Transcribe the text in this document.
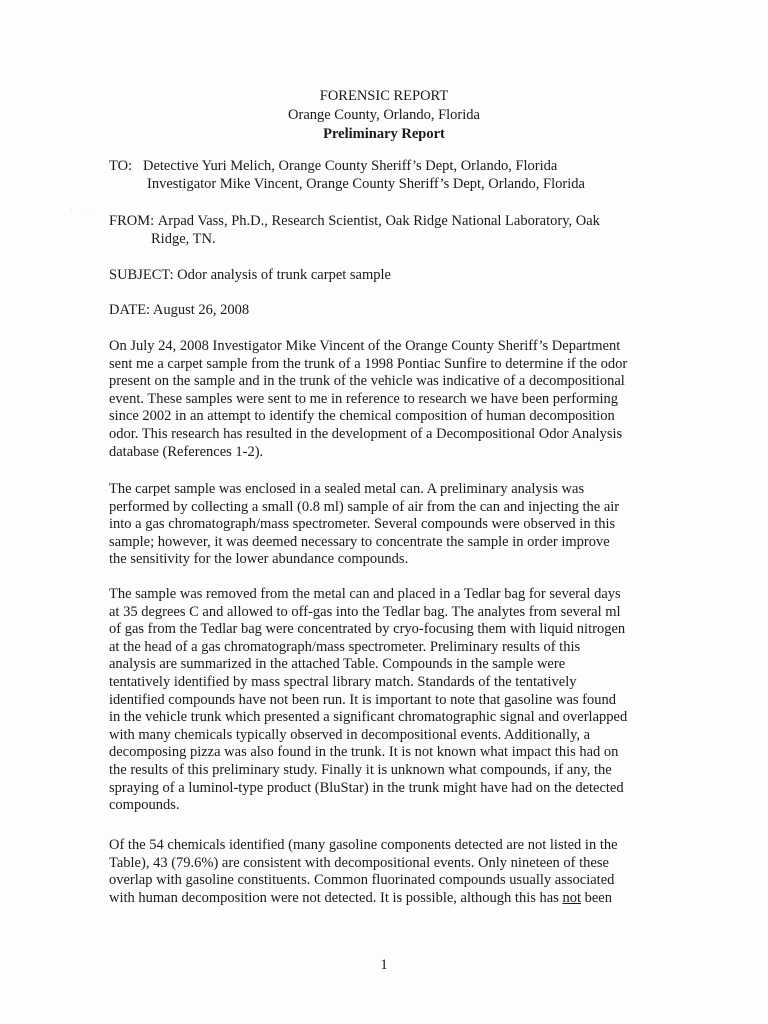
˙ ˙ ˙
FORENSIC REPORT
Orange County, Orlando, Florida
Preliminary Report
TO: Detective Yuri Melich, Orange County Sheriff’s Dept, Orlando, Florida
Investigator Mike Vincent, Orange County Sheriff’s Dept, Orlando, Florida
FROM: Arpad Vass, Ph.D., Research Scientist, Oak Ridge National Laboratory, Oak
Ridge, TN.
SUBJECT: Odor analysis of trunk carpet sample
DATE: August 26, 2008
On July 24, 2008 Investigator Mike Vincent of the Orange County Sheriff’s Department
sent me a carpet sample from the trunk of a 1998 Pontiac Sunfire to determine if the odor
present on the sample and in the trunk of the vehicle was indicative of a decompositional
event. These samples were sent to me in reference to research we have been performing
since 2002 in an attempt to identify the chemical composition of human decomposition
odor. This research has resulted in the development of a Decompositional Odor Analysis
database (References 1-2).
The carpet sample was enclosed in a sealed metal can. A preliminary analysis was
performed by collecting a small (0.8 ml) sample of air from the can and injecting the air
into a gas chromatograph/mass spectrometer. Several compounds were observed in this
sample; however, it was deemed necessary to concentrate the sample in order improve
the sensitivity for the lower abundance compounds.
The sample was removed from the metal can and placed in a Tedlar bag for several days
at 35 degrees C and allowed to off-gas into the Tedlar bag. The analytes from several ml
of gas from the Tedlar bag were concentrated by cryo-focusing them with liquid nitrogen
at the head of a gas chromatograph/mass spectrometer. Preliminary results of this
analysis are summarized in the attached Table. Compounds in the sample were
tentatively identified by mass spectral library match. Standards of the tentatively
identified compounds have not been run. It is important to note that gasoline was found
in the vehicle trunk which presented a significant chromatographic signal and overlapped
with many chemicals typically observed in decompositional events. Additionally, a
decomposing pizza was also found in the trunk. It is not known what impact this had on
the results of this preliminary study. Finally it is unknown what compounds, if any, the
spraying of a luminol-type product (BluStar) in the trunk might have had on the detected
compounds.
Of the 54 chemicals identified (many gasoline components detected are not listed in the
Table), 43 (79.6%) are consistent with decompositional events. Only nineteen of these
overlap with gasoline constituents. Common fluorinated compounds usually associated
with human decomposition were not detected. It is possible, although this has not been
1
